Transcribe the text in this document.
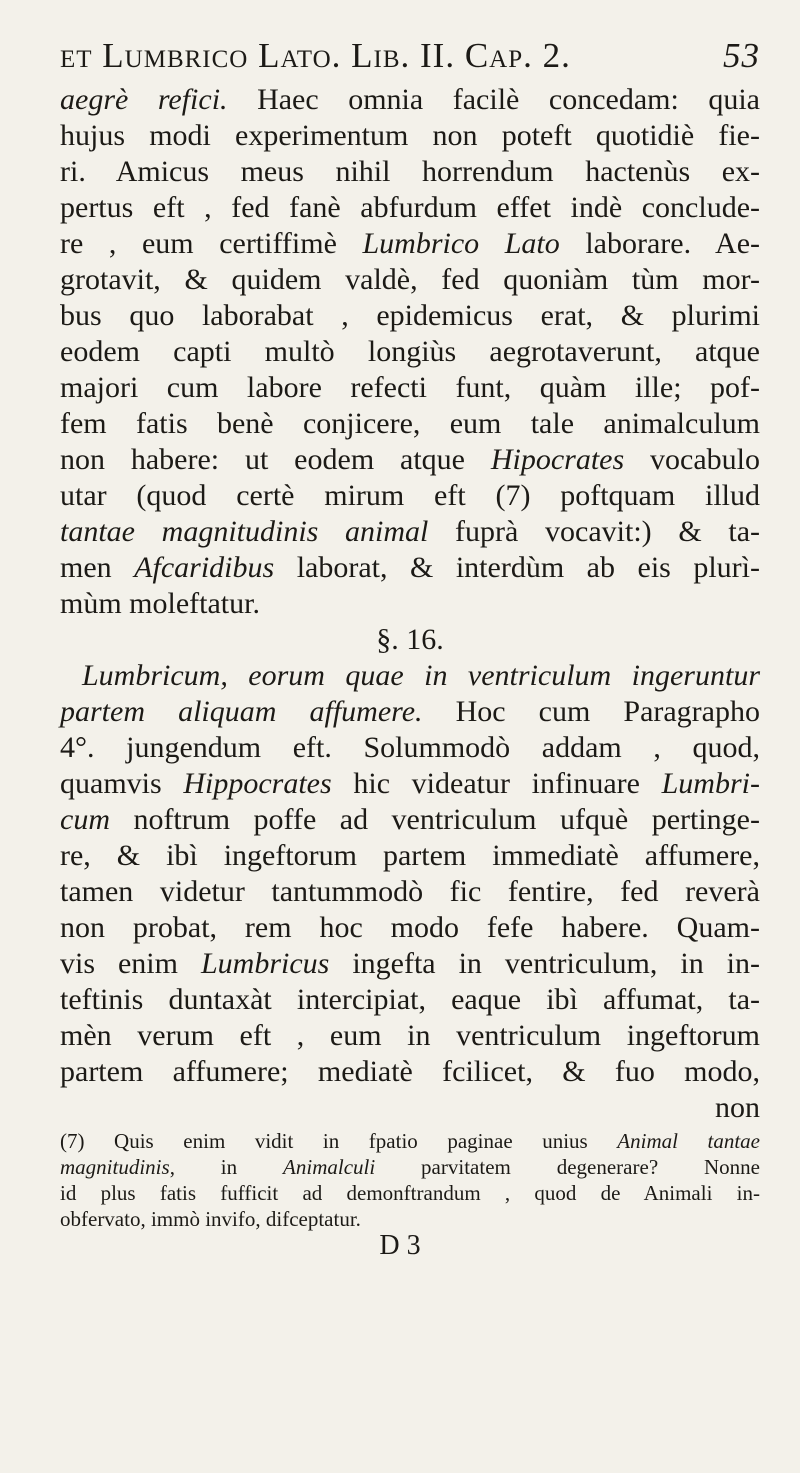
et Lumbrico Lato. Lib. II. Cap. 2.	53
aegrè refici. Haec omnia facilè concedam: quia
hujus modi experimentum non poteft quotidiè fie-
ri. Amicus meus nihil horrendum hactenùs ex-
pertus eft , fed fanè abfurdum effet indè conclude-
re , eum certiffimè Lumbrico Lato laborare. Ae-
grotavit, & quidem valdè, fed quoniàm tùm mor-
bus quo laborabat , epidemicus erat, & plurimi
eodem capti multò longiùs aegrotaverunt, atque
majori cum labore refecti funt, quàm ille; pof-
fem fatis benè conjicere, eum tale animalculum
non habere: ut eodem atque Hipocrates vocabulo
utar (quod certè mirum eft (7) poftquam illud
tantae magnitudinis animal fuprà vocavit:) & ta-
men Afcaridibus laborat, & interdùm ab eis plurì-
mùm moleftatur.
§. 16.
Lumbricum, eorum quae in ventriculum ingeruntur
partem aliquam affumere. Hoc cum Paragrapho
4°. jungendum eft. Solummodò addam , quod,
quamvis Hippocrates hic videatur infinuare Lumbri-
cum noftrum poffe ad ventriculum ufquè pertinge-
re, & ibì ingeftorum partem immediatè affumere,
tamen videtur tantummodò fic fentire, fed reverà
non probat, rem hoc modo fefe habere. Quam-
vis enim Lumbricus ingefta in ventriculum, in in-
teftinis duntaxàt intercipiat, eaque ibì affumat, ta-
mèn verum eft , eum in ventriculum ingeftorum
partem affumere; mediatè fcilicet, & fuo modo,
non
(7) Quis enim vidit in fpatio paginae unius Animal tantae
magnitudinis, in Animalculi parvitatem degenerare? Nonne
id plus fatis fufficit ad demonftrandum , quod de Animali in-
obfervato, immò invifo, difceptatur.
D 3
